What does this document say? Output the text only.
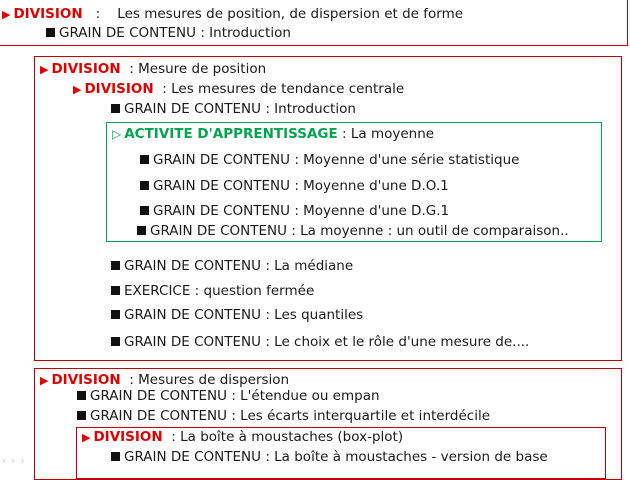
▶ DIVISION   :    Les mesures de position, de dispersion et de forme
GRAIN DE CONTENU : Introduction
▶ DIVISION  : Mesure de position
▶ DIVISION  : Les mesures de tendance centrale
GRAIN DE CONTENU : Introduction
▷ ACTIVITE D'APPRENTISSAGE : La moyenne
GRAIN DE CONTENU : Moyenne d'une série statistique
GRAIN DE CONTENU : Moyenne d'une D.O.1
GRAIN DE CONTENU : Moyenne d'une D.G.1
GRAIN DE CONTENU : La moyenne : un outil de comparaison..
GRAIN DE CONTENU : La médiane
EXERCICE : question fermée
GRAIN DE CONTENU : Les quantiles
GRAIN DE CONTENU : Le choix et le rôle d'une mesure de....
▶ DIVISION  : Mesures de dispersion
GRAIN DE CONTENU : L'étendue ou empan
GRAIN DE CONTENU : Les écarts interquartile et interdécile
▶ DIVISION  : La boîte à moustaches (box-plot)
GRAIN DE CONTENU : La boîte à moustaches - version de base
‹ › ›
